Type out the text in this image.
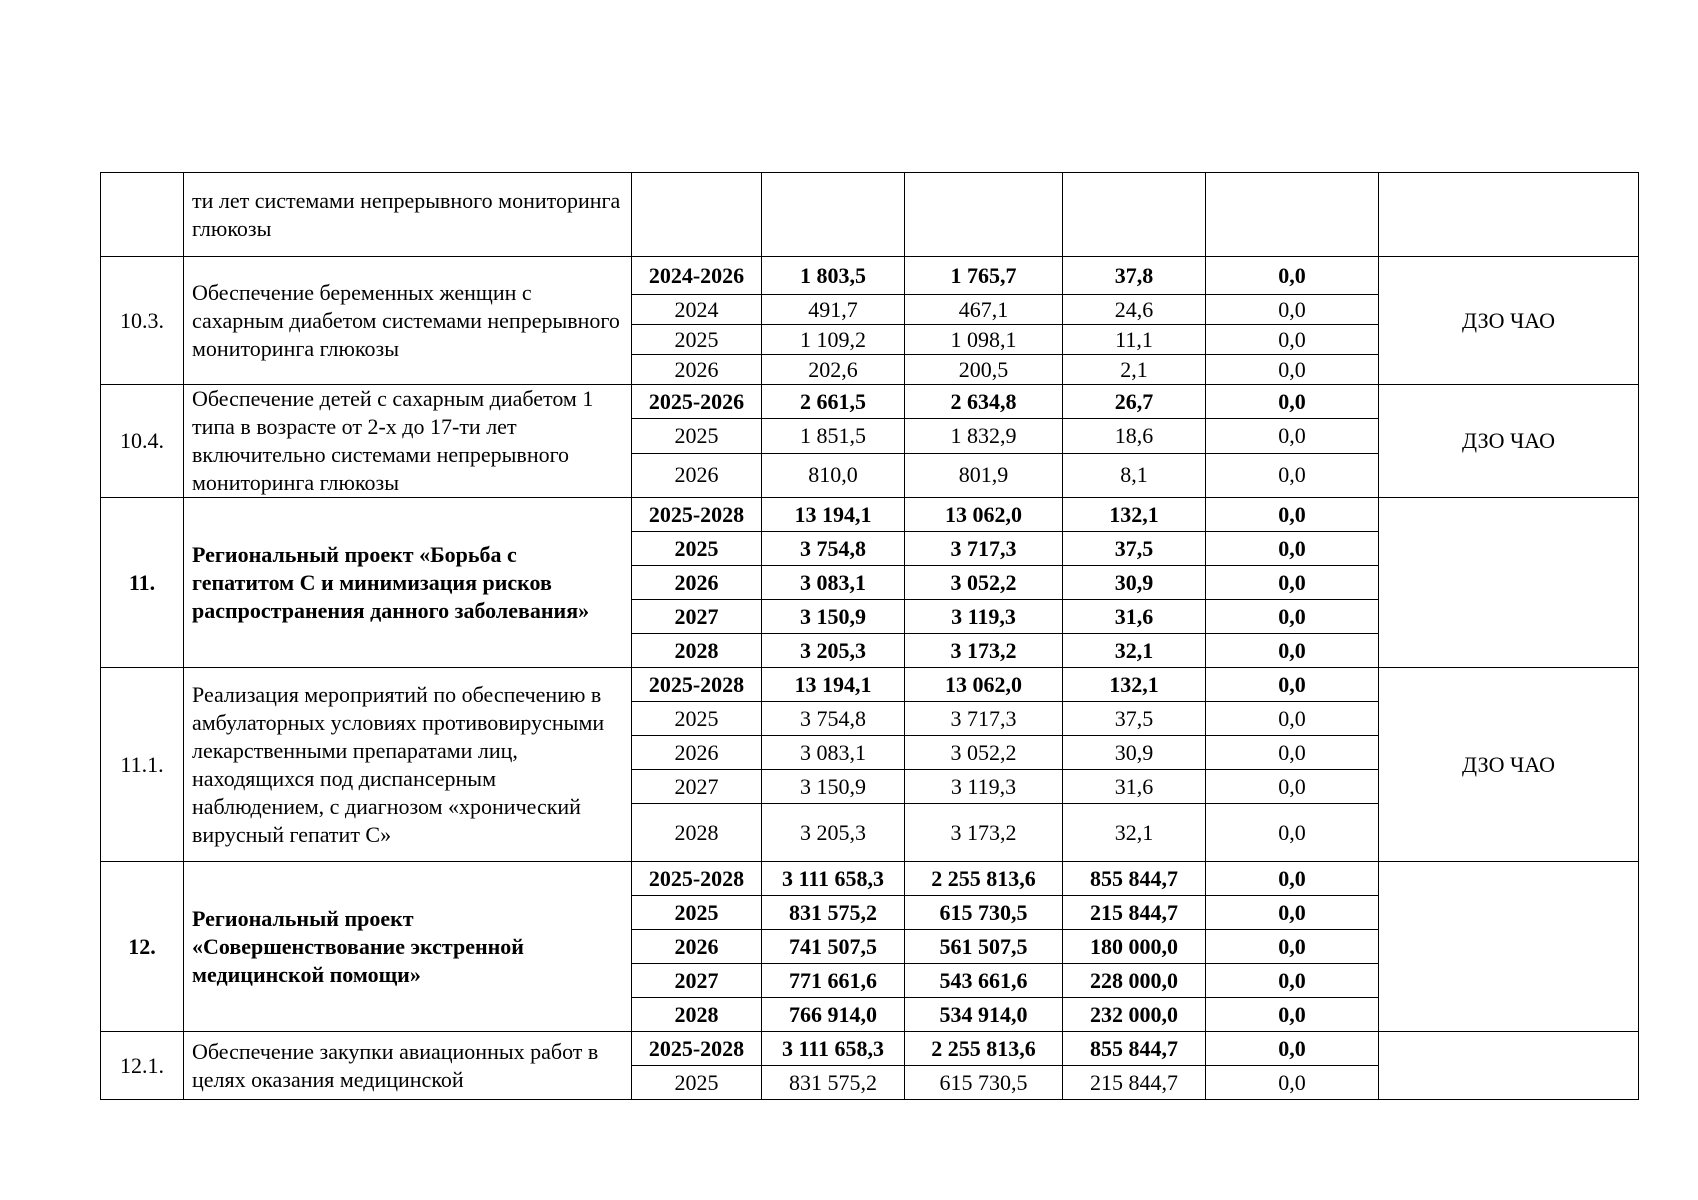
	ти лет системами непрерывного мониторинга глюкозы						
10.3.	Обеспечение беременных женщин с сахарным диабетом системами непрерывного мониторинга глюкозы	2024-2026	1 803,5	1 765,7	37,8	0,0	ДЗО ЧАО
		2024	491,7	467,1	24,6	0,0	
		2025	1 109,2	1 098,1	11,1	0,0	
		2026	202,6	200,5	2,1	0,0	
10.4.	Обеспечение детей с сахарным диабетом 1 типа в возрасте от 2-х до 17-ти лет включительно системами непрерывного мониторинга глюкозы	2025-2026	2 661,5	2 634,8	26,7	0,0	ДЗО ЧАО
		2025	1 851,5	1 832,9	18,6	0,0	
		2026	810,0	801,9	8,1	0,0	
11.	Региональный проект «Борьба с гепатитом С и минимизация рисков распространения данного заболевания»	2025-2028	13 194,1	13 062,0	132,1	0,0	
		2025	3 754,8	3 717,3	37,5	0,0	
		2026	3 083,1	3 052,2	30,9	0,0	
		2027	3 150,9	3 119,3	31,6	0,0	
		2028	3 205,3	3 173,2	32,1	0,0	
11.1.	Реализация мероприятий по обеспечению в амбулаторных условиях противовирусными лекарственными препаратами лиц, находящихся под диспансерным наблюдением, с диагнозом «хронический вирусный гепатит С»	2025-2028	13 194,1	13 062,0	132,1	0,0	ДЗО ЧАО
		2025	3 754,8	3 717,3	37,5	0,0	
		2026	3 083,1	3 052,2	30,9	0,0	
		2027	3 150,9	3 119,3	31,6	0,0	
		2028	3 205,3	3 173,2	32,1	0,0	
12.	Региональный проект «Совершенствование экстренной медицинской помощи»	2025-2028	3 111 658,3	2 255 813,6	855 844,7	0,0	
		2025	831 575,2	615 730,5	215 844,7	0,0	
		2026	741 507,5	561 507,5	180 000,0	0,0	
		2027	771 661,6	543 661,6	228 000,0	0,0	
		2028	766 914,0	534 914,0	232 000,0	0,0	
12.1.	Обеспечение закупки авиационных работ в целях оказания медицинской	2025-2028	3 111 658,3	2 255 813,6	855 844,7	0,0	
		2025	831 575,2	615 730,5	215 844,7	0,0	
